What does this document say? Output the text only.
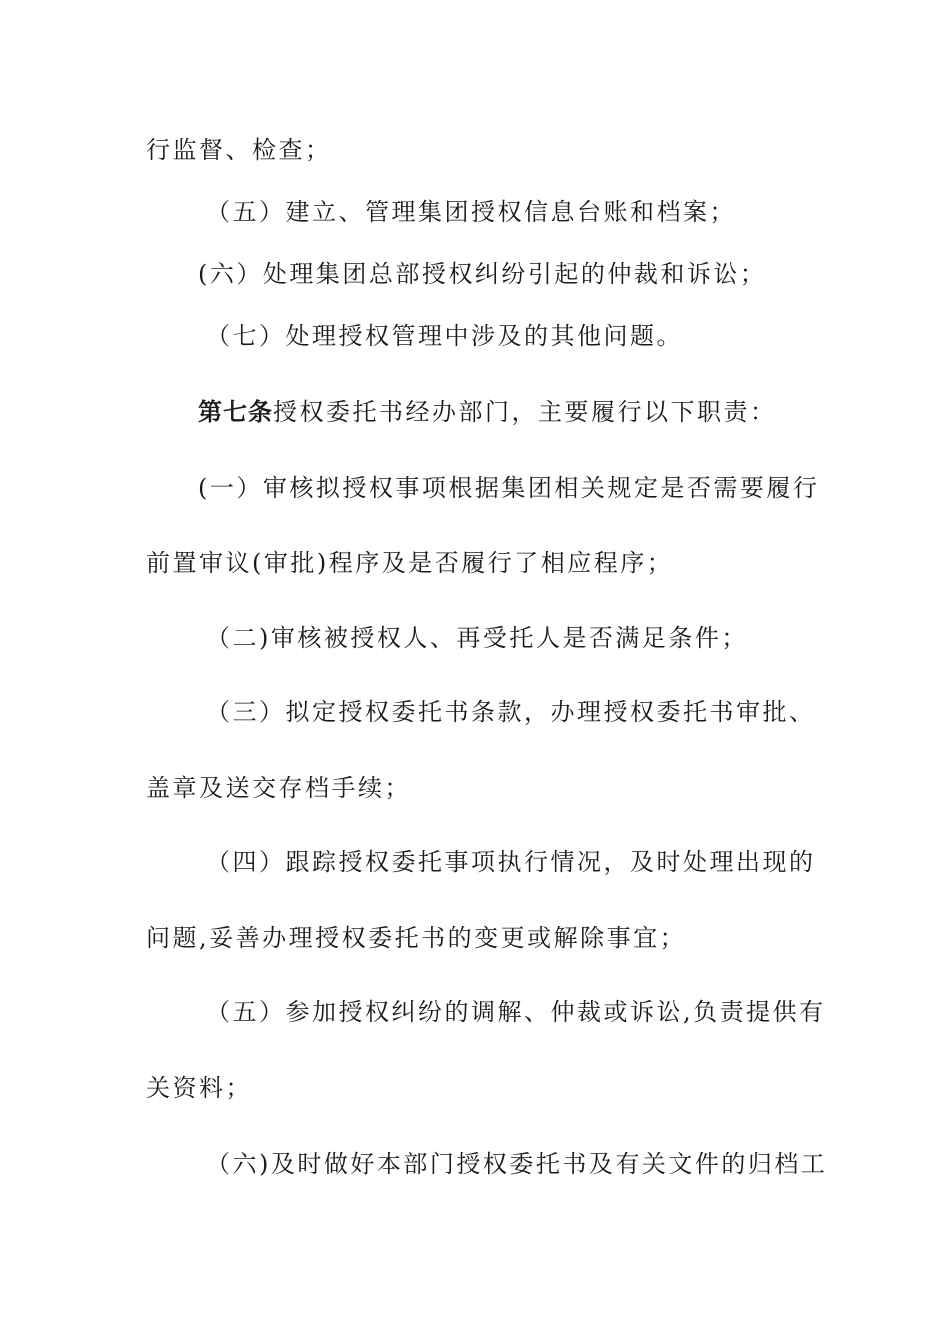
行监督、检查；
（五）建立、管理集团授权信息台账和档案；
(六）处理集团总部授权纠纷引起的仲裁和诉讼；
（七）处理授权管理中涉及的其他问题。
第七条授权委托书经办部门，主要履行以下职责：
(一）审核拟授权事项根据集团相关规定是否需要履行
前置审议(审批)程序及是否履行了相应程序；
（二)审核被授权人、再受托人是否满足条件；
（三）拟定授权委托书条款，办理授权委托书审批、
盖章及送交存档手续；
（四）跟踪授权委托事项执行情况，及时处理出现的
问题,妥善办理授权委托书的变更或解除事宜；
（五）参加授权纠纷的调解、仲裁或诉讼,负责提供有
关资料；
（六)及时做好本部门授权委托书及有关文件的归档工
